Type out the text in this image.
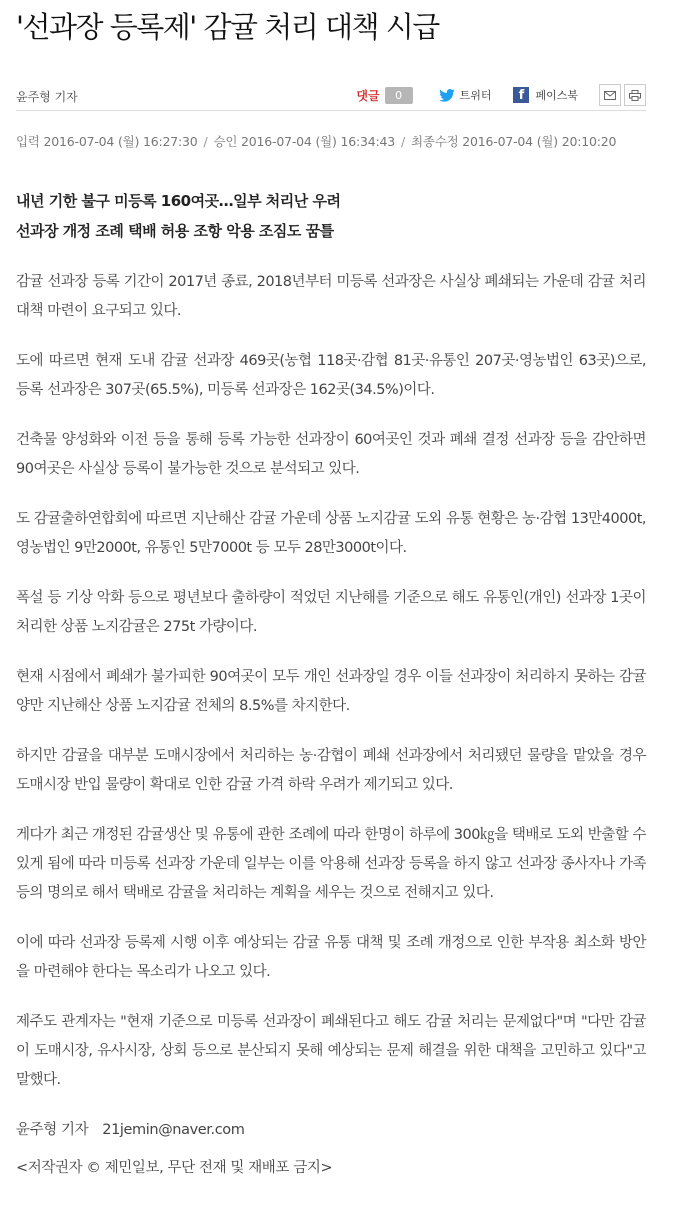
'선과장 등록제' 감귤 처리 대책 시급
윤주형 기자	댓글	0	트위터	f	페이스북
입력 2016-07-04 (월) 16:27:30 / 승인 2016-07-04 (월) 16:34:43 / 최종수정 2016-07-04 (월) 20:10:20
내년 기한 불구 미등록 160여곳…일부 처리난 우려
선과장 개정 조례 택배 허용 조항 악용 조짐도 꿈틀

감귤 선과장 등록 기간이 2017년 종료, 2018년부터 미등록 선과장은 사실상 폐쇄되는 가운데 감귤 처리 대책 마련이 요구되고 있다.

도에 따르면 현재 도내 감귤 선과장 469곳(농협 118곳·감협 81곳·유통인 207곳·영농법인 63곳)으로, 등록 선과장은 307곳(65.5%), 미등록 선과장은 162곳(34.5%)이다.

건축물 양성화와 이전 등을 통해 등록 가능한 선과장이 60여곳인 것과 폐쇄 결정 선과장 등을 감안하면 90여곳은 사실상 등록이 불가능한 것으로 분석되고 있다.

도 감귤출하연합회에 따르면 지난해산 감귤 가운데 상품 노지감귤 도외 유통 현황은 농·감협 13만4000t, 영농법인 9만2000t, 유통인 5만7000t 등 모두 28만3000t이다.

폭설 등 기상 악화 등으로 평년보다 출하량이 적었던 지난해를 기준으로 해도 유통인(개인) 선과장 1곳이 처리한 상품 노지감귤은 275t 가량이다.

현재 시점에서 폐쇄가 불가피한 90여곳이 모두 개인 선과장일 경우 이들 선과장이 처리하지 못하는 감귤양만 지난해산 상품 노지감귤 전체의 8.5%를 차지한다.

하지만 감귤을 대부분 도매시장에서 처리하는 농·감협이 폐쇄 선과장에서 처리됐던 물량을 맡았을 경우 도매시장 반입 물량이 확대로 인한 감귤 가격 하락 우려가 제기되고 있다.

게다가 최근 개정된 감귤생산 및 유통에 관한 조례에 따라 한명이 하루에 300㎏을 택배로 도외 반출할 수 있게 됨에 따라 미등록 선과장 가운데 일부는 이를 악용해 선과장 등록을 하지 않고 선과장 종사자나 가족 등의 명의로 해서 택배로 감귤을 처리하는 계획을 세우는 것으로 전해지고 있다.

이에 따라 선과장 등록제 시행 이후 예상되는 감귤 유통 대책 및 조례 개정으로 인한 부작용 최소화 방안을 마련해야 한다는 목소리가 나오고 있다.

제주도 관계자는 "현재 기준으로 미등록 선과장이 폐쇄된다고 해도 감귤 처리는 문제없다"며 "다만 감귤이 도매시장, 유사시장, 상회 등으로 분산되지 못해 예상되는 문제 해결을 위한 대책을 고민하고 있다"고 말했다.

윤주형 기자 21jemin@naver.com
<저작권자 © 제민일보, 무단 전재 및 재배포 금지>
